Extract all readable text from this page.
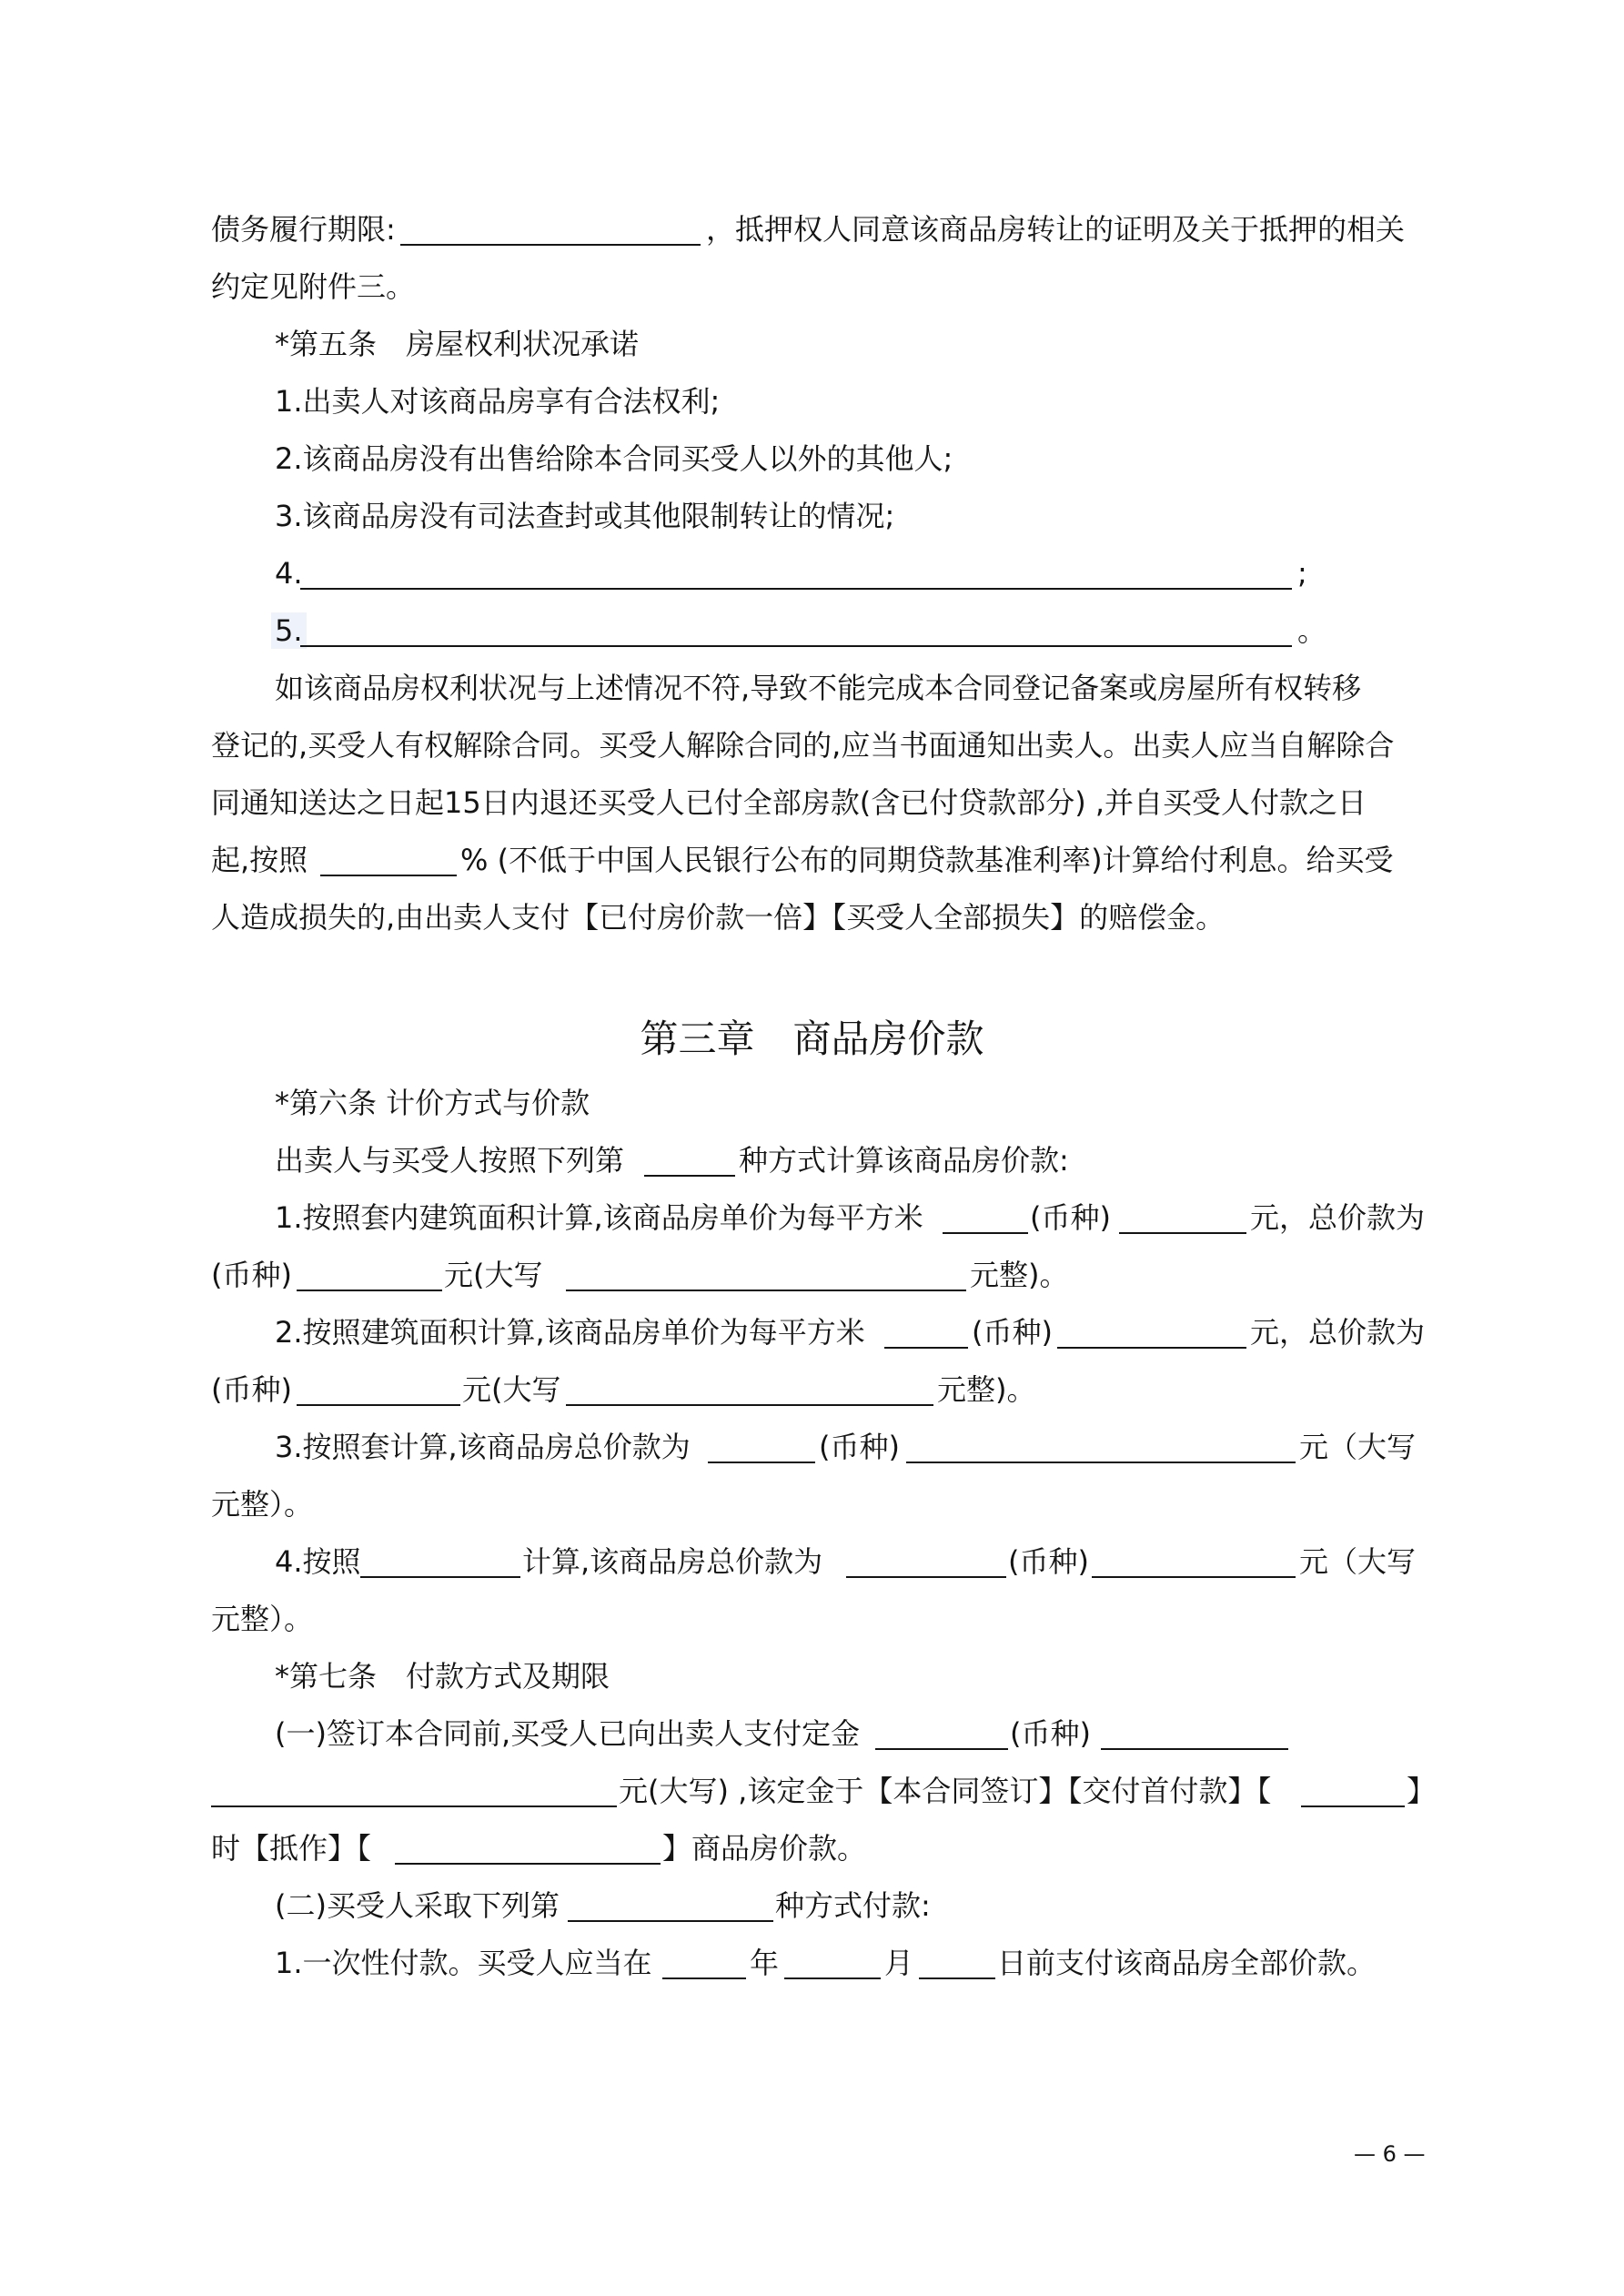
债务履行期限:	，抵押权人同意该商品房转让的证明及关于抵押的相关
约定见附件三。
*第五条　房屋权利状况承诺
1.出卖人对该商品房享有合法权利;
2.该商品房没有出售给除本合同买受人以外的其他人;
3.该商品房没有司法查封或其他限制转让的情况;
4.	;
5.	。
如该商品房权利状况与上述情况不符,导致不能完成本合同登记备案或房屋所有权转移
登记的,买受人有权解除合同。买受人解除合同的,应当书面通知出卖人。出卖人应当自解除合
同通知送达之日起15日内退还买受人已付全部房款(含已付贷款部分) ,并自买受人付款之日
起,按照	% (不低于中国人民银行公布的同期贷款基准利率)计算给付利息。给买受
人造成损失的,由出卖人支付【已付房价款一倍】【买受人全部损失】的赔偿金。
第三章　商品房价款
*第六条 计价方式与价款
出卖人与买受人按照下列第	种方式计算该商品房价款:
1.按照套内建筑面积计算,该商品房单价为每平方米	(币种)	元，总价款为
(币种)	元(大写	元整)。
2.按照建筑面积计算,该商品房单价为每平方米	(币种)	元，总价款为
(币种)	元(大写	元整)。
3.按照套计算,该商品房总价款为	(币种)	元（大写
元整）。
4.按照	计算,该商品房总价款为	(币种)	元（大写
元整）。
*第七条　付款方式及期限
(一)签订本合同前,买受人已向出卖人支付定金	(币种)
元(大写) ,该定金于【本合同签订】【交付首付款】【	】
时【抵作】【	】商品房价款。
(二)买受人采取下列第	种方式付款:
1.一次性付款。买受人应当在	年	月	日前支付该商品房全部价款。
— 6 —
